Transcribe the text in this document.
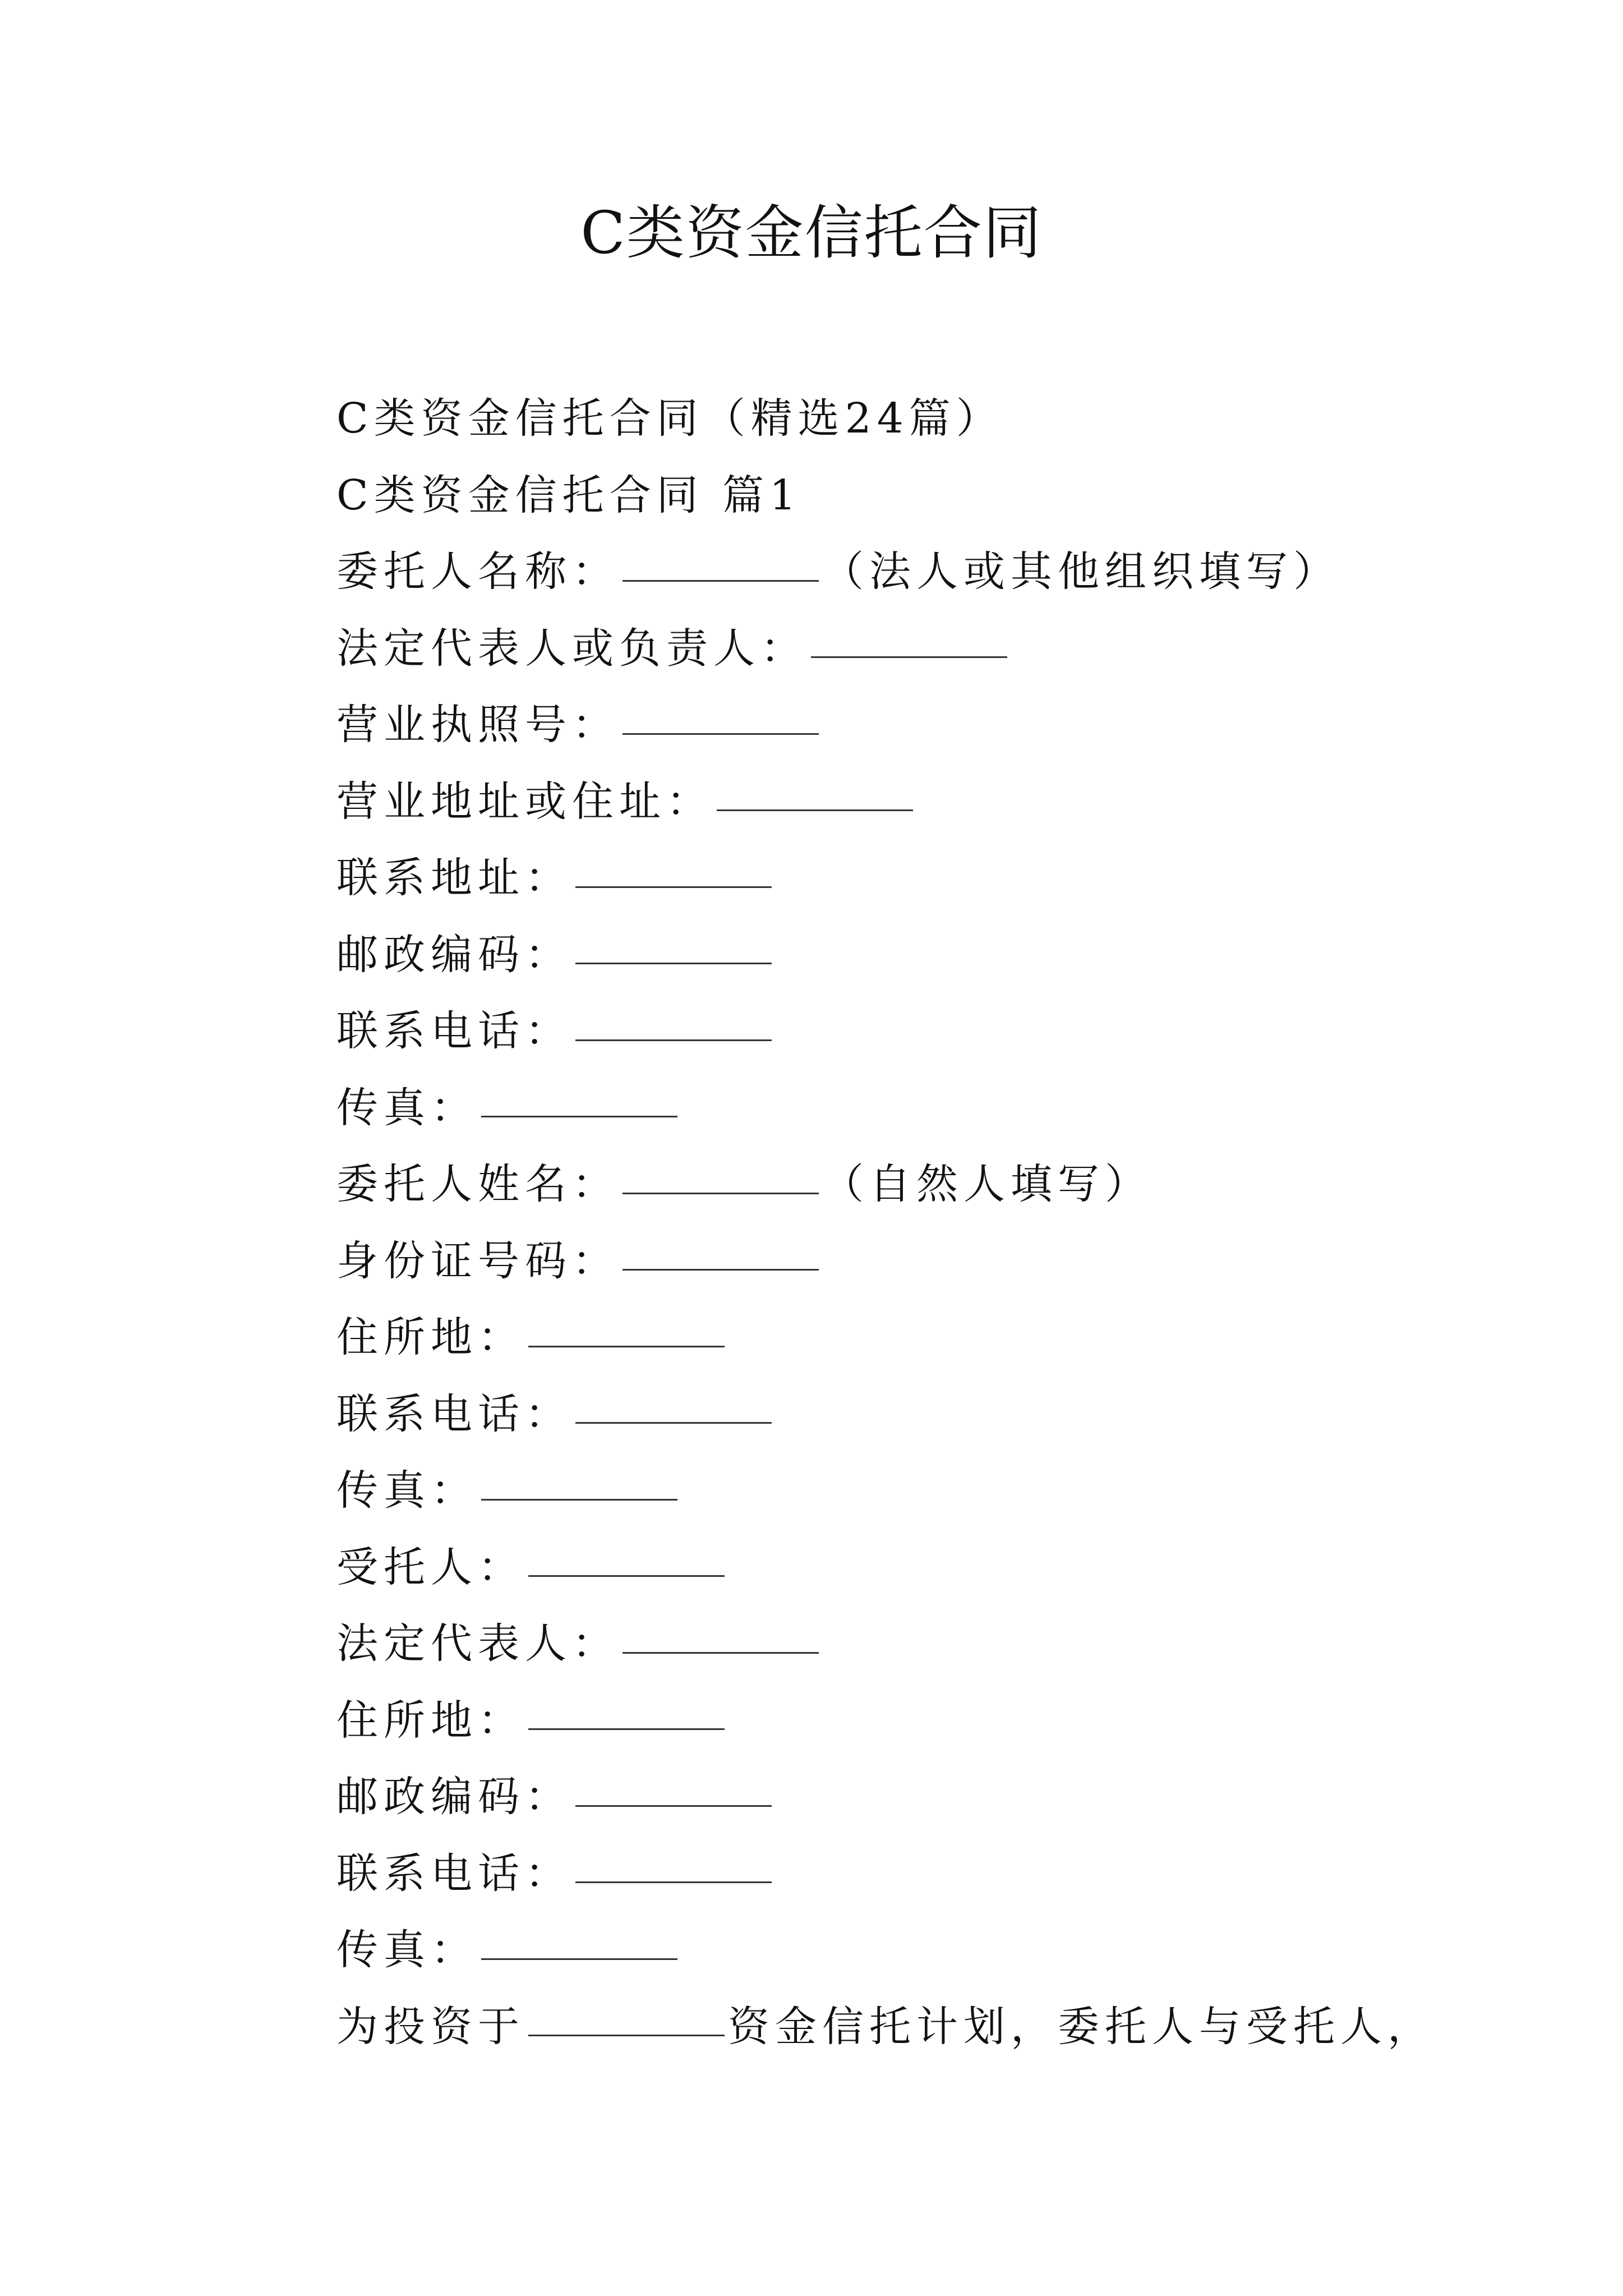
C类资金信托合同
C类资金信托合同（精选24篇）
C类资金信托合同 篇1
委托人名称：	（法人或其他组织填写）
法定代表人或负责人：
营业执照号：
营业地址或住址：
联系地址：
邮政编码：
联系电话：
传真：
委托人姓名：	（自然人填写）
身份证号码：
住所地：
联系电话：
传真：
受托人：
法定代表人：
住所地：
邮政编码：
联系电话：
传真：
为投资于	资金信托计划，委托人与受托人，
